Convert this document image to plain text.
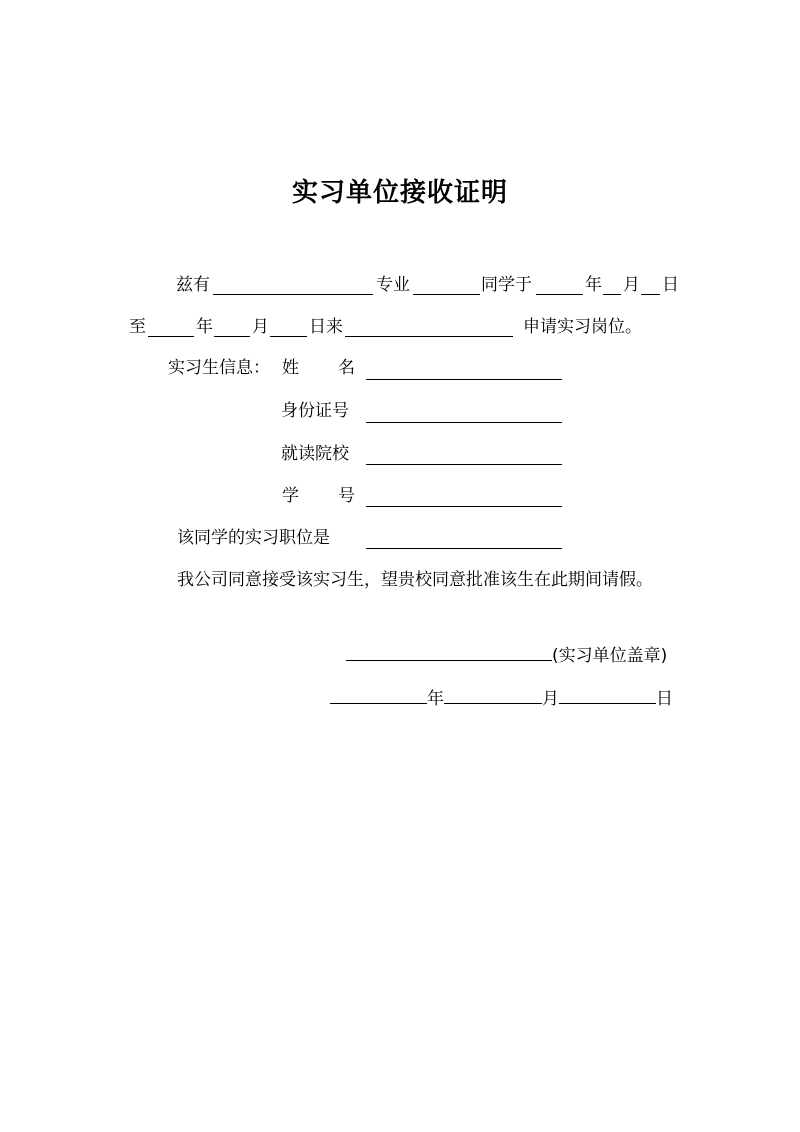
实习单位接收证明
兹有	专业	同学于	年 月 日
至	年 月 日来	申请实习岗位。
实习生信息： 姓 名
身份证号
就读院校
学 号
该同学的实习职位是
我公司同意接受该实习生，望贵校同意批准该生在此期间请假。
(实习单位盖章)
年	月	日
